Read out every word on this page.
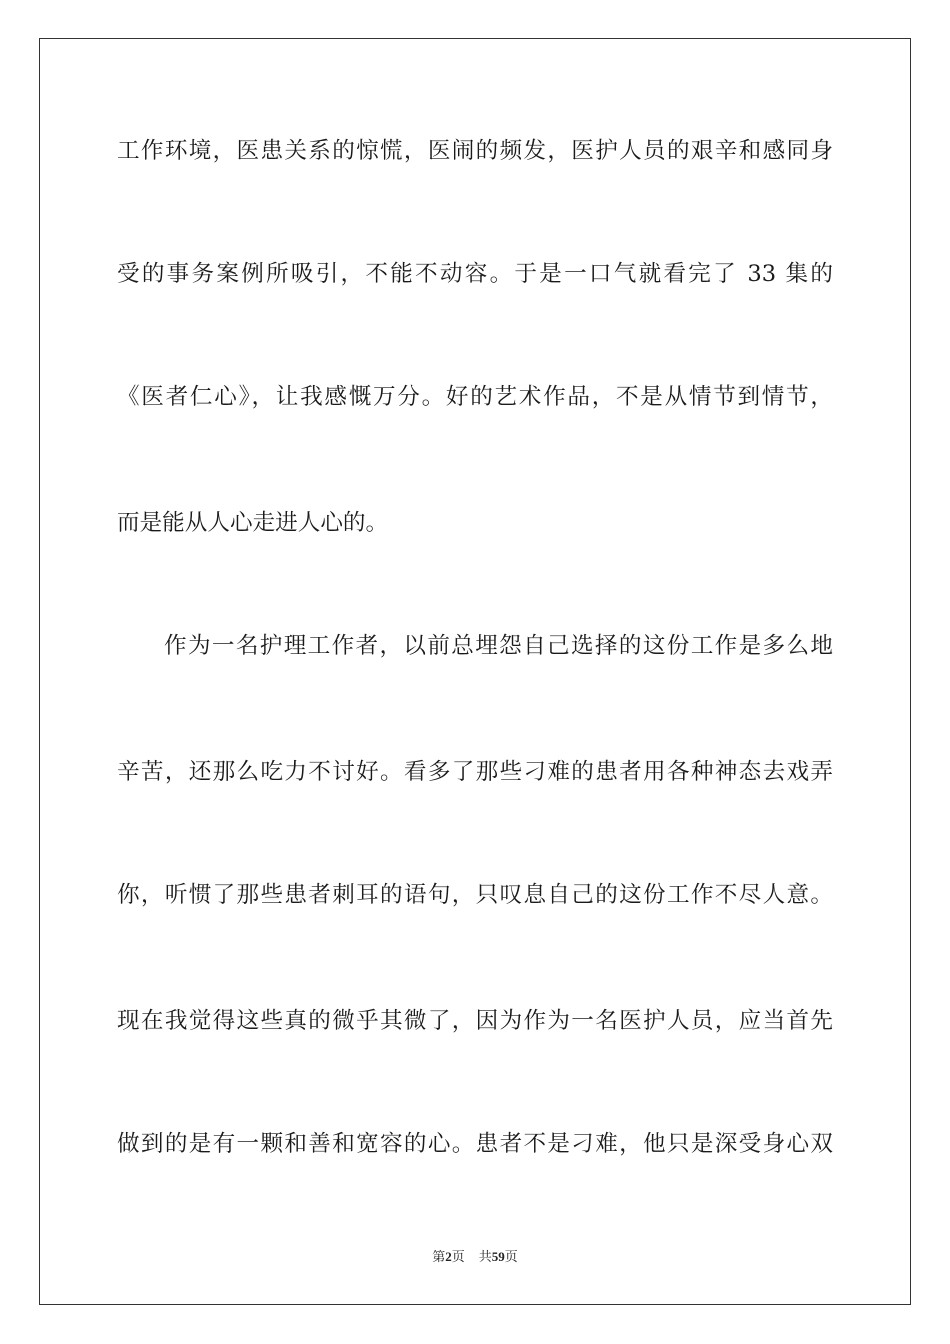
工作环境，医患关系的惊慌，医闹的频发，医护人员的艰辛和感同身
受的事务案例所吸引，不能不动容。于是一口气就看完了 33 集的
《医者仁心》，让我感慨万分。好的艺术作品，不是从情节到情节，
而是能从人心走进人心的。
作为一名护理工作者，以前总埋怨自己选择的这份工作是多么地
辛苦，还那么吃力不讨好。看多了那些刁难的患者用各种神态去戏弄
你，听惯了那些患者刺耳的语句，只叹息自己的这份工作不尽人意。
现在我觉得这些真的微乎其微了，因为作为一名医护人员，应当首先
做到的是有一颗和善和宽容的心。患者不是刁难，他只是深受身心双
第2页 共59页
